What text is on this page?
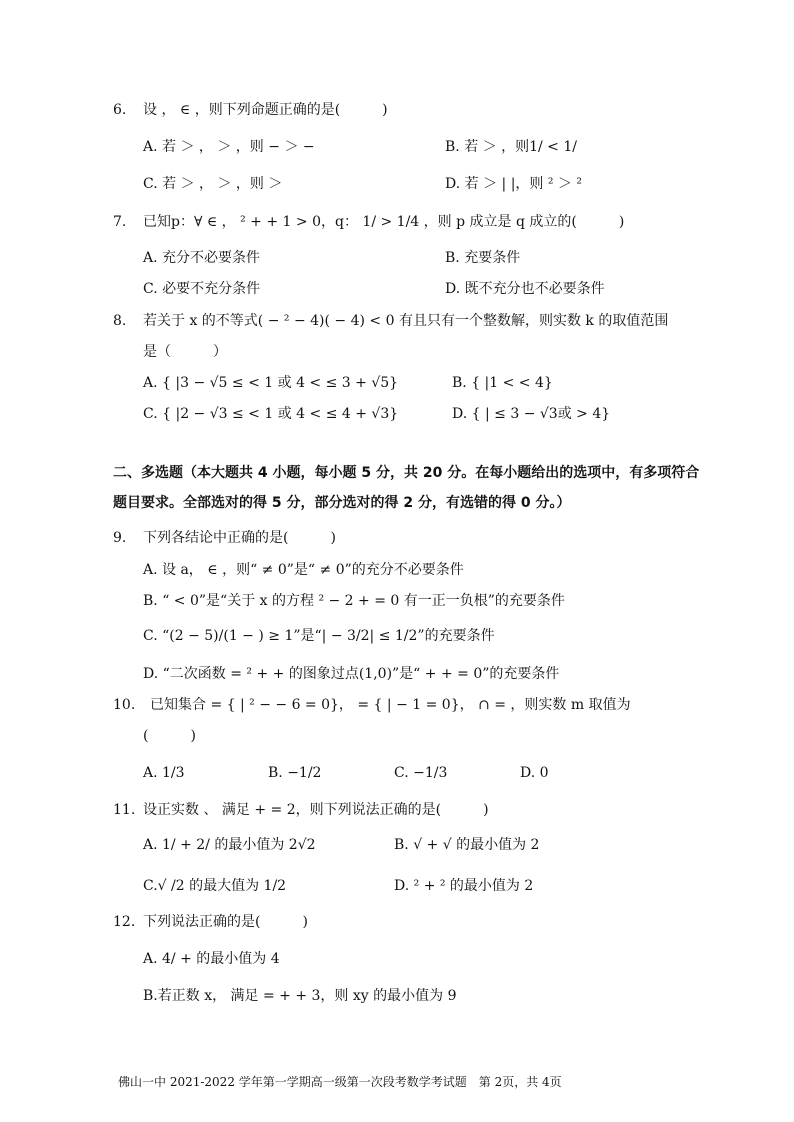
6. 设 ， ∈ ，则下列命题正确的是(　　　)
A. 若 ＞ ， ＞ ，则 − ＞ −	B. 若 ＞ ，则1/ < 1/
C. 若 ＞ ， ＞ ，则 ＞	D. 若 ＞ | |，则 ² ＞ ²
7. 已知p：∀ ∈ ， ² + + 1 > 0，q： 1/ > 1/4 ，则 p 成立是 q 成立的(　　　)
A. 充分不必要条件	B. 充要条件
C. 必要不充分条件	D. 既不充分也不必要条件
8. 若关于 x 的不等式( − ² − 4)( − 4) < 0 有且只有一个整数解，则实数 k 的取值范围
是（　　　）
A. { |3 − √5 ≤ < 1 或 4 < ≤ 3 + √5}	B. { |1 < < 4}
C. { |2 − √3 ≤ < 1 或 4 < ≤ 4 + √3}	D. { | ≤ 3 − √3或 > 4}
二、多选题（本大题共 4 小题，每小题 5 分，共 20 分。在每小题给出的选项中，有多项符合
题目要求。全部选对的得 5 分，部分选对的得 2 分，有选错的得 0 分。）
9. 下列各结论中正确的是(　　　)
A. 设 a， ∈ ，则“ ≠ 0”是“ ≠ 0”的充分不必要条件
B. “ < 0”是“关于 x 的方程 ² − 2 + = 0 有一正一负根”的充要条件
C. “(2 − 5)/(1 − ) ≥ 1”是“| − 3/2| ≤ 1/2”的充要条件
D. “二次函数 = ² + + 的图象过点(1,0)”是“ + + = 0”的充要条件
10. 已知集合 = { | ² − − 6 = 0}， = { | − 1 = 0}， ∩ = ，则实数 m 取值为
(　　　)
A. 1/3	B. −1/2	C. −1/3	D. 0
11. 设正实数 、 满足 + = 2，则下列说法正确的是(　　　)
A. 1/ + 2/ 的最小值为 2√2	B. √ + √ 的最小值为 2
C.√ /2 的最大值为 1/2	D. ² + ² 的最小值为 2
12. 下列说法正确的是(　　　)
A. 4/ + 的最小值为 4
B.若正数 x， 满足 = + + 3，则 xy 的最小值为 9
佛山一中 2021-2022 学年第一学期高一级第一次段考数学考试题　第 2页，共 4页
